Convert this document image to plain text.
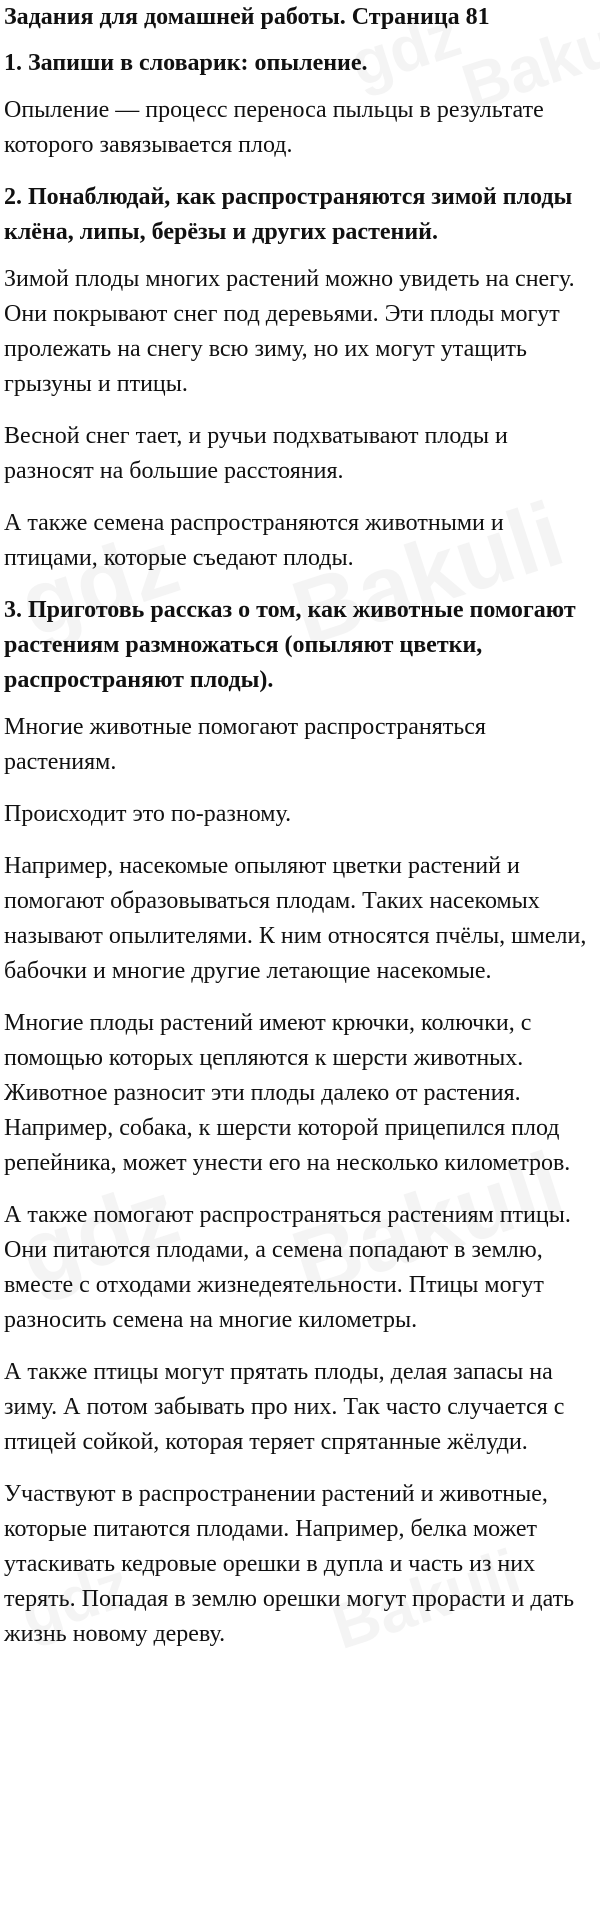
Задания для домашней работы. Страница 81
1. Запиши в словарик: опыление.

Опыление — процесс переноса пыльцы в результате которого завязывается плод.

2. Понаблюдай, как распространяются зимой плоды клёна, липы, берёзы и других растений.

Зимой плоды многих растений можно увидеть на снегу. Они покрывают снег под деревьями. Эти плоды могут пролежать на снегу всю зиму, но их могут утащить грызуны и птицы.

Весной снег тает, и ручьи подхватывают плоды и разносят на большие расстояния.

А также семена распространяются животными и птицами, которые съедают плоды.

3. Приготовь рассказ о том, как животные помогают растениям размножаться (опыляют цветки, распространяют плоды).

Многие животные помогают распространяться растениям.

Происходит это по-разному.

Например, насекомые опыляют цветки растений и помогают образовываться плодам. Таких насекомых называют опылителями. К ним относятся пчёлы, шмели, бабочки и многие другие летающие насекомые.

Многие плоды растений имеют крючки, колючки, с помощью которых цепляются к шерсти животных. Животное разносит эти плоды далеко от растения. Например, собака, к шерсти которой прицепился плод репейника, может унести его на несколько километров.

А также помогают распространяться растениям птицы. Они питаются плодами, а семена попадают в землю, вместе с отходами жизнедеятельности. Птицы могут разносить семена на многие километры.

А также птицы могут прятать плоды, делая запасы на зиму. А потом забывать про них. Так часто случается с птицей сойкой, которая теряет спрятанные жёлуди.

Участвуют в распространении растений и животные, которые питаются плодами. Например, белка может утаскивать кедровые орешки в дупла и часть из них терять. Попадая в землю орешки могут прорасти и дать жизнь новому дереву.
